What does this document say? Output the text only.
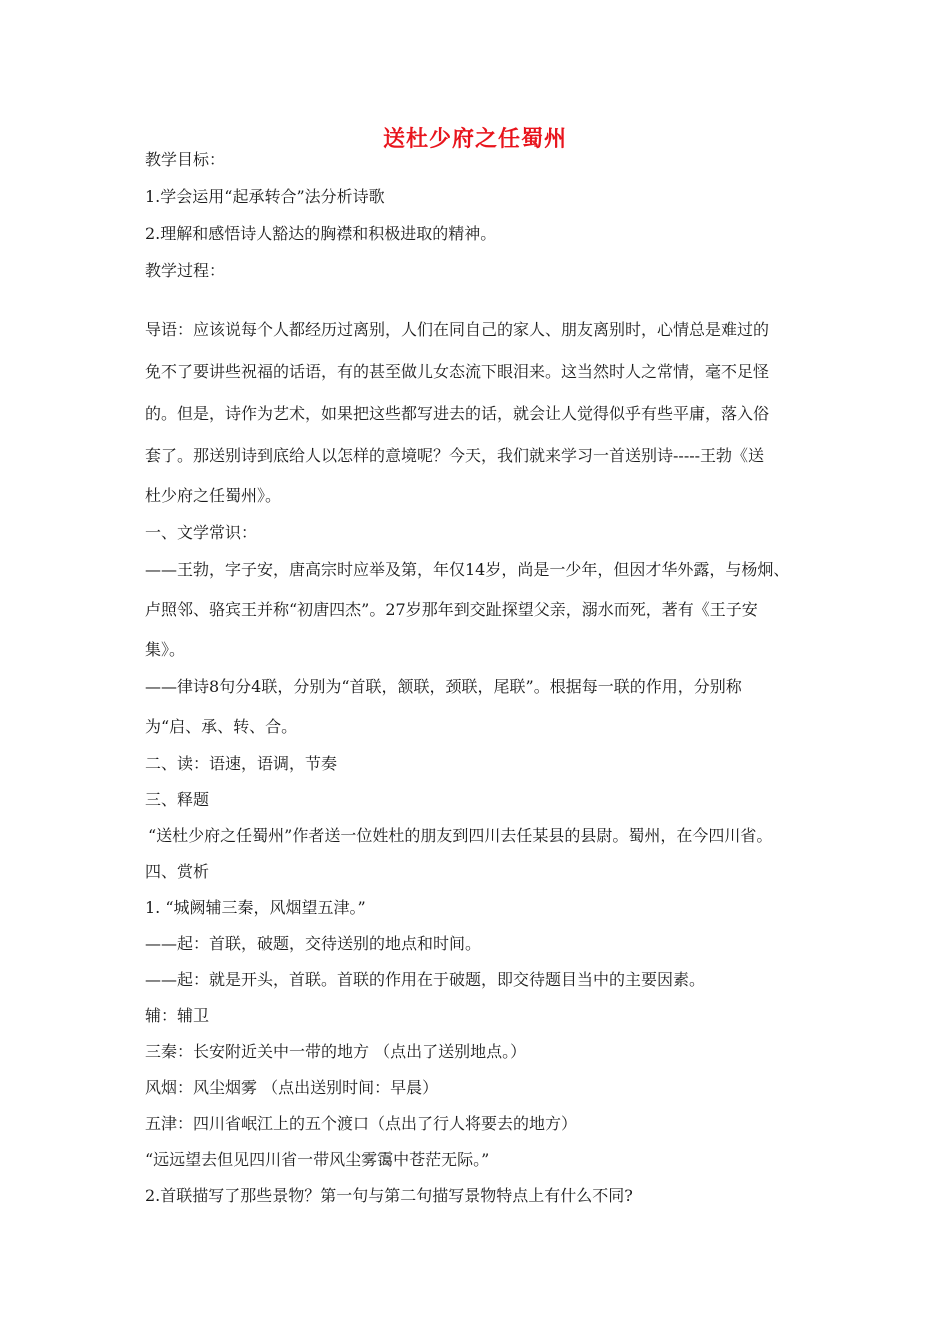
送杜少府之任蜀州
教学目标：
1.学会运用“起承转合”法分析诗歌
2.理解和感悟诗人豁达的胸襟和积极进取的精神。
教学过程：
导语：应该说每个人都经历过离别，人们在同自己的家人、朋友离别时，心情总是难过的
免不了要讲些祝福的话语，有的甚至做儿女态流下眼泪来。这当然时人之常情，毫不足怪
的。但是，诗作为艺术，如果把这些都写进去的话，就会让人觉得似乎有些平庸，落入俗
套了。那送别诗到底给人以怎样的意境呢？今天，我们就来学习一首送别诗-----王勃《送
杜少府之任蜀州》。
一、文学常识：
——王勃，字子安，唐高宗时应举及第，年仅14岁，尚是一少年，但因才华外露，与杨炯、
卢照邻、骆宾王并称“初唐四杰”。27岁那年到交趾探望父亲，溺水而死，著有《王子安
集》。
——律诗8句分4联，分别为“首联，颔联，颈联，尾联”。根据每一联的作用，分别称
为“启、承、转、合。
二、读：语速，语调，节奏
三、释题
“送杜少府之任蜀州”作者送一位姓杜的朋友到四川去任某县的县尉。蜀州，在今四川省。
四、赏析
1. “城阙辅三秦，风烟望五津。”
——起：首联，破题，交待送别的地点和时间。
——起：就是开头，首联。首联的作用在于破题，即交待题目当中的主要因素。
辅：辅卫
三秦：长安附近关中一带的地方 （点出了送别地点。）
风烟：风尘烟雾 （点出送别时间：早晨）
五津：四川省岷江上的五个渡口（点出了行人将要去的地方）
“远远望去但见四川省一带风尘雾霭中苍茫无际。”
2.首联描写了那些景物？第一句与第二句描写景物特点上有什么不同?
